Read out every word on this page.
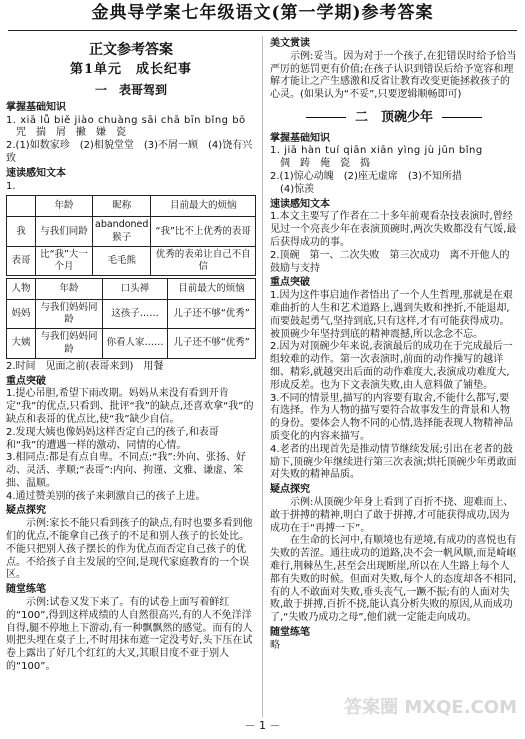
金典导学案七年级语文(第一学期)参考答案
正文参考答案
第1单元　成长纪事
一　表哥驾到
掌握基础知识

1. xiā lǚ biě jiào chuàng sāi chā bīn bǐng bō

　咒　揣　屑　撇　嫌　瓷

2.(1)如数家珍　(2)相貌堂堂　(3)不屑一顾　(4)饶有兴致

速读感知文本

1.

	年龄	昵称	目前最大的烦恼
我	与我们同龄	abandoned猴子	“我”比不上优秀的表哥
表哥	比“我”大一个月	毛毛熊	优秀的表弟让自己不自信
人物	年龄	口头禅	目前最大的烦恼
妈妈	与我们妈妈同龄	这孩子……	儿子还不够“优秀”
大姨	与我们妈妈同龄	你看人家……	儿子还不够“优秀”

2.时间　见面之前(表哥来到)　用餐

重点突破

1.提心吊胆,希望下雨改期。妈妈从来没有看到开肯定“我”的优点,只看到、批评“我”的缺点,还喜欢拿“我”的缺点和表哥的优点比,使“我”缺少自信。

2.发现大姨也像妈妈这样否定自己的孩子,和表哥和“我”的遭遇一样的激动、同情的心情。

3.相同点:都是有点自卑。不同点:“我”:外向、张扬、好动、灵活、孝顺;“表哥”:内向、拘谨、文雅、谦虚、笨拙、温顺。

4.通过赞美别的孩子来刺激自己的孩子上进。

疑点探究

示例:家长不能只看到孩子的缺点,有时也要多看到他们的优点,不能拿自己孩子的不足和别人孩子的长处比。不能只把别人孩子摆长的作为优点而否定自己孩子的优点。不给孩子自主发展的空间,是现代家庭教育的一个误区。

随堂练笔

示例:试卷又发下来了。有的试卷上面写着鲜红的“100”,得到这样成绩的人自然很高兴,有的人不免洋洋自得,腿不停地上下游动,有一种飘飘然的感觉。而有的人则把头埋在桌子上,不时用抹布遮一定没考好,头下压在试卷上露出了好几个红红的大叉,其眼目度不亚于别人的“100”。

美文赏读

示例:妥当。因为对于一个孩子,在犯错误时给予恰当严厉的惩罚更有价值;在孩子认识到错误后给予宽容和理解才能让之产生感激和反省让教育改变更能拯救孩子的心灵。(如果认为“不妥”,只要逻辑顺畅即可)

二　顶碗少年
掌握基础知识

1. jiā hàn tuí qiān xiān yìng jù jūn bǐng

　倜　踌　俺　瓷　捣

2.(1)惊心动魄　(2)座无虚席　(3)不知所措

　(4)惊羡

速读感知文本

1.本文主要写了作者在二十多年前观看杂技表演时,曾经见过一个亮丧少年在表演顶碗时,两次失败都没有气馁,最后获得成功的事。

2.顶碗　第一、二次失败　第三次成功　离不开他人的鼓励与支持

重点突破

1.因为这件事启迪作者悟出了一个人生哲理,那就是在艰难曲折的人生和艺术道路上,遇到失败和挫折,不能退却,而要鼓起勇气,坚持到底,只有这样,才有可能获得成功。被顶碗少年坚持到底的精神震撼,所以念念不忘。

2.因为对顶碗少年来说,表演最后的成功在于完成最后一组较难的动作。第一次表演时,前面的动作操写的越详细、精彩,就越突出后面的动作难度大,表演成功难度大,形成反差。也为下文表演失败,由人意料做了铺垫。

3.不同的情景里,描写的内容要有取舍,不能什么都写,要有选择。作为人物的描写要符合故事发生的背景和人物的身份。要体会人物不同的心情,选择能表现人物精神品质变化的内容来描写。

4.老者的出现首先是推动情节继续发展;引出在老者的鼓励下,顶碗少年继续进行第三次表演;烘托顶碗少年勇敢面对失败的精神品质。

疑点探究

示例:从顶碗少年身上看到了百折不挠、迎难而上、敢于拼搏的精神,明白了敢于拼搏,才可能获得成功,因为成功在于“再搏一下”。

在生命的长河中,有顺境也有逆境,有成功的喜悦也有失败的苦涩。通往成功的道路,决不会一帆风顺,而是崎岖难行,荆棘丛生,甚至会出现断崖,所以在人生路上每个人都有失败的时候。但面对失败,每个人的态度却各不相同,有的人不敢面对失败,垂头丧气,一蹶不振;有的人面对失败,敢于拼搏,百折不挠,能认真分析失败的原因,从而成功了,“失败乃成功之母”,他们就一定能走向成功。

随堂练笔

略

答案圈 MXQE.COM
－ 1 －
